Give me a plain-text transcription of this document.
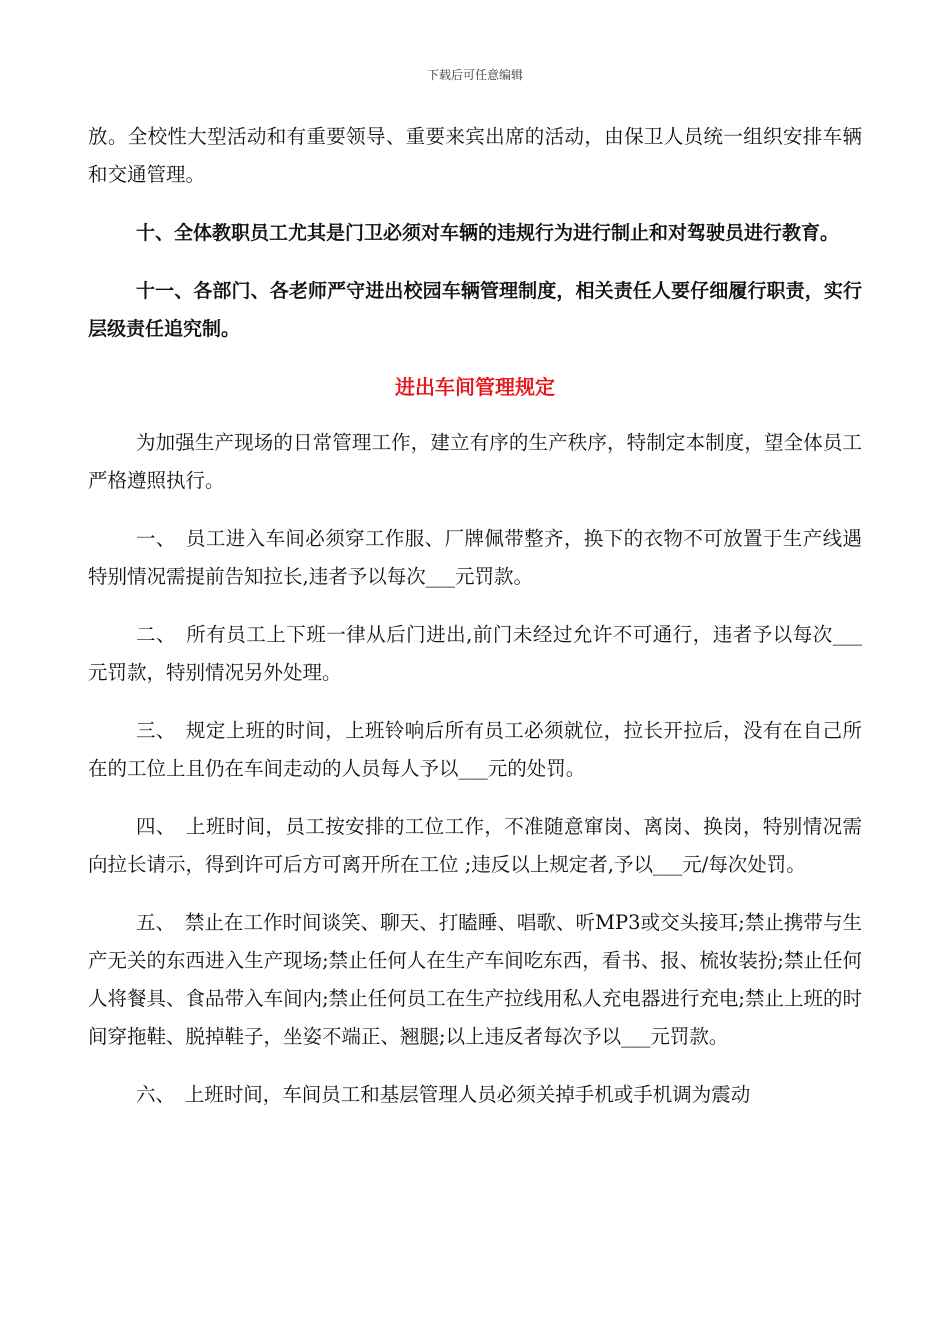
下载后可任意编辑

放。全校性大型活动和有重要领导、重要来宾出席的活动，由保卫人员统一组织安排车辆和交通管理。

十、全体教职员工尤其是门卫必须对车辆的违规行为进行制止和对驾驶员进行教育。

十一、各部门、各老师严守进出校园车辆管理制度，相关责任人要仔细履行职责，实行层级责任追究制。

进出车间管理规定

为加强生产现场的日常管理工作，建立有序的生产秩序，特制定本制度，望全体员工严格遵照执行。

一、　员工进入车间必须穿工作服、厂牌佩带整齐，换下的衣物不可放置于生产线遇特别情况需提前告知拉长,违者予以每次___元罚款。

二、　所有员工上下班一律从后门进出,前门未经过允许不可通行，违者予以每次___元罚款，特别情况另外处理。

三、　规定上班的时间，上班铃响后所有员工必须就位，拉长开拉后，没有在自己所在的工位上且仍在车间走动的人员每人予以___元的处罚。

四、　上班时间，员工按安排的工位工作，不准随意窜岗、离岗、换岗，特别情况需向拉长请示，得到许可后方可离开所在工位 ;违反以上规定者,予以___元/每次处罚。

五、　禁止在工作时间谈笑、聊天、打瞌睡、唱歌、听MP3或交头接耳;禁止携带与生产无关的东西进入生产现场;禁止任何人在生产车间吃东西，看书、报、梳妆装扮;禁止任何人将餐具、食品带入车间内;禁止任何员工在生产拉线用私人充电器进行充电;禁止上班的时间穿拖鞋、脱掉鞋子，坐姿不端正、翘腿;以上违反者每次予以___元罚款。

六、　上班时间，车间员工和基层管理人员必须关掉手机或手机调为震动
